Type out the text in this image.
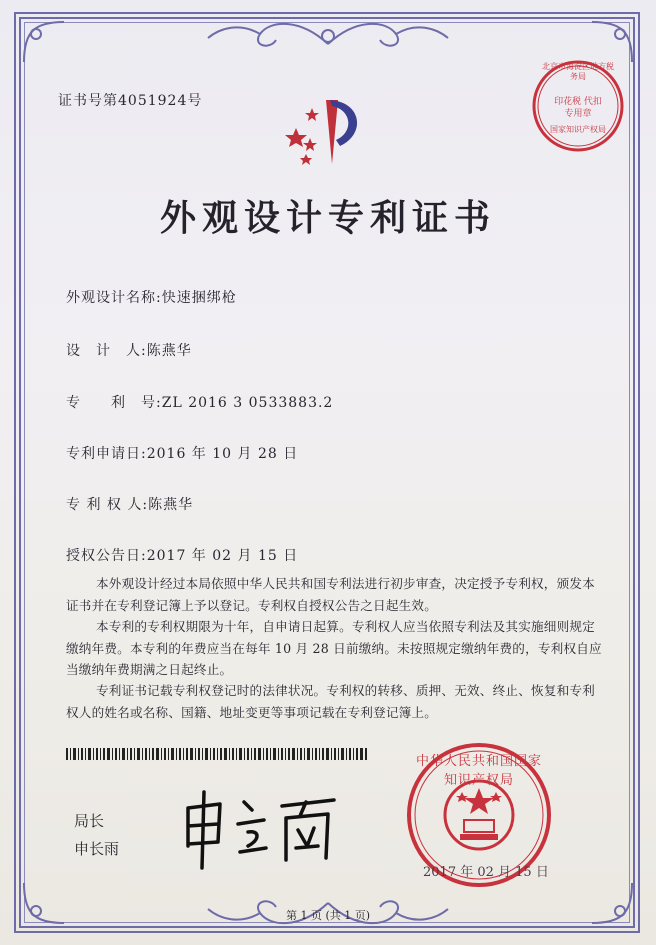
证书号第4051924号
北京市海淀区地方税务局
印花税 代扣专用章
国家知识产权局
外观设计专利证书
外观设计名称:快速捆绑枪
设　计　人:陈燕华
专　　利　号:ZL 2016 3 0533883.2
专利申请日:2016 年 10 月 28 日
专 利 权 人:陈燕华
授权公告日:2017 年 02 月 15 日
本外观设计经过本局依照中华人民共和国专利法进行初步审查，决定授予专利权，颁发本证书并在专利登记簿上予以登记。专利权自授权公告之日起生效。
本专利的专利权期限为十年，自申请日起算。专利权人应当依照专利法及其实施细则规定缴纳年费。本专利的年费应当在每年 10 月 28 日前缴纳。未按照规定缴纳年费的，专利权自应当缴纳年费期满之日起终止。
专利证书记载专利权登记时的法律状况。专利权的转移、质押、无效、终止、恢复和专利权人的姓名或名称、国籍、地址变更等事项记载在专利登记簿上。
局长
申长雨
中华人民共和国国家知识产权局
2017 年 02 月 15 日
第 1 页 (共 1 页)
